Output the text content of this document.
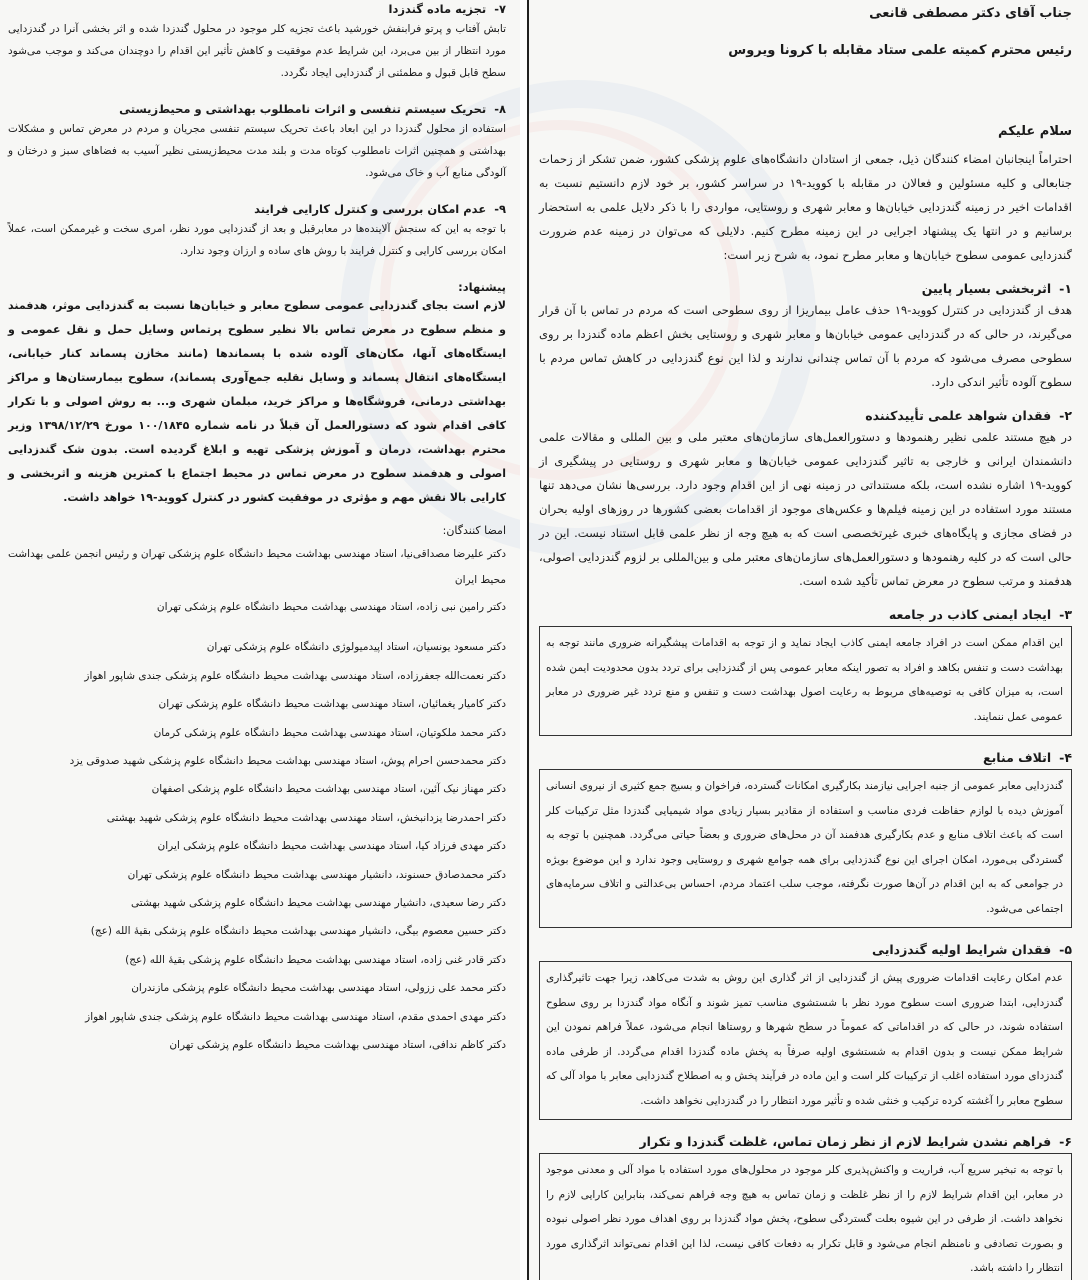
جناب آقای دکتر مصطفی قانعی
رئیس محترم کمیته علمی ستاد مقابله با کرونا ویروس
سلام علیکم

احتراماً اینجانبان امضاء کنندگان ذیل، جمعی از استادان دانشگاه‌های علوم پزشکی کشور، ضمن تشکر از زحمات جنابعالی و کلیه مسئولین و فعالان در مقابله با کووید-۱۹ در سراسر کشور، بر خود لازم دانستیم نسبت به اقدامات اخیر در زمینه گندزدایی خیابان‌ها و معابر شهری و روستایی، مواردی را با ذکر دلایل علمی به استحضار برسانیم و در انتها یک پیشنهاد اجرایی در این زمینه مطرح کنیم. دلایلی که می‌توان در زمینه عدم ضرورت گندزدایی عمومی سطوح خیابان‌ها و معابر مطرح نمود، به شرح زیر است:

۱-اثربخشی بسیار پایین

هدف از گندزدایی در کنترل کووید-۱۹ حذف عامل بیماریزا از روی سطوحی است که مردم در تماس با آن قرار می‌گیرند، در حالی که در گندزدایی عمومی خیابان‌ها و معابر شهری و روستایی بخش اعظم ماده گندزدا بر روی سطوحی مصرف می‌شود که مردم با آن تماس چندانی ندارند و لذا این نوع گندزدایی در کاهش تماس مردم با سطوح آلوده تأثیر اندکی دارد.

۲-فقدان شواهد علمی تأییدکننده

در هیچ مستند علمی نظیر رهنمودها و دستورالعمل‌های سازمان‌های معتبر ملی و بین المللی و مقالات علمی دانشمندان ایرانی و خارجی به تاثیر گندزدایی عمومی خیابان‌ها و معابر شهری و روستایی در پیشگیری از کووید-۱۹ اشاره نشده است، بلکه مستنداتی در زمینه نهی از این اقدام وجود دارد. بررسی‌ها نشان می‌دهد تنها مستند مورد استفاده در این زمینه فیلم‌ها و عکس‌های موجود از اقدامات بعضی کشورها در روزهای اولیه بحران در فضای مجازی و پایگاه‌های خبری غیرتخصصی است که به هیچ وجه از نظر علمی قابل استناد نیست. این در حالی است که در کلیه رهنمودها و دستورالعمل‌های سازمان‌های معتبر ملی و بین‌المللی بر لزوم گندزدایی اصولی، هدفمند و مرتب سطوح در معرض تماس تأکید شده است.

۳-ایجاد ایمنی کاذب در جامعه

این اقدام ممکن است در افراد جامعه ایمنی کاذب ایجاد نماید و از توجه به اقدامات پیشگیرانه ضروری مانند توجه به بهداشت دست و تنفس بکاهد و افراد به تصور اینکه معابر عمومی پس از گندزدایی برای تردد بدون محدودیت ایمن شده است، به میزان کافی به توصیه‌های مربوط به رعایت اصول بهداشت دست و تنفس و منع تردد غیر ضروری در معابر عمومی عمل ننمایند.

۴-اتلاف منابع

گندزدایی معابر عمومی از جنبه اجرایی نیازمند بکارگیری امکانات گسترده، فراخوان و بسیج جمع کثیری از نیروی انسانی آموزش دیده با لوازم حفاظت فردی مناسب و استفاده از مقادیر بسیار زیادی مواد شیمیایی گندزدا مثل ترکیبات کلر است که باعث اتلاف منابع و عدم بکارگیری هدفمند آن در محل‌های ضروری و بعضاً حیاتی می‌گردد. همچنین با توجه به گستردگی بی‌مورد، امکان اجرای این نوع گندزدایی برای همه جوامع شهری و روستایی وجود ندارد و این موضوع بویژه در جوامعی که به این اقدام در آن‌ها صورت نگرفته، موجب سلب اعتماد مردم، احساس بی‌عدالتی و اتلاف سرمایه‌های اجتماعی می‌شود.

۵-فقدان شرایط اولیه گندزدایی

عدم امکان رعایت اقدامات ضروری پیش از گندزدایی از اثر گذاری این روش به شدت می‌کاهد، زیرا جهت تاثیرگذاری گندزدایی، ابتدا ضروری است سطوح مورد نظر با شستشوی مناسب تمیز شوند و آنگاه مواد گندزدا بر روی سطوح استفاده شوند، در حالی که در اقداماتی که عموماً در سطح شهرها و روستاها انجام می‌شود، عملاً فراهم نمودن این شرایط ممکن نیست و بدون اقدام به شستشوی اولیه صرفاً به پخش ماده گندزدا اقدام می‌گردد. از طرفی ماده گندزدای مورد استفاده اغلب از ترکیبات کلر است و این ماده در فرآیند پخش و به اصطلاح گندزدایی معابر با مواد آلی که سطوح معابر را آغشته کرده ترکیب و خنثی شده و تأثیر مورد انتظار را در گندزدایی نخواهد داشت.

۶-فراهم نشدن شرایط لازم از نظر زمان تماس، غلظت گندزدا و تکرار

با توجه به تبخیر سریع آب، فراریت و واکنش‌پذیری کلر موجود در محلول‌های مورد استفاده با مواد آلی و معدنی موجود در معابر، این اقدام شرایط لازم را از نظر غلظت و زمان تماس به هیچ وجه فراهم نمی‌کند، بنابراین کارایی لازم را نخواهد داشت. از طرفی در این شیوه بعلت گستردگی سطوح، پخش مواد گندزدا بر روی اهداف مورد نظر اصولی نبوده و بصورت تصادفی و نامنظم انجام می‌شود و قابل تکرار به دفعات کافی نیست، لذا این اقدام نمی‌تواند اثرگذاری مورد انتظار را داشته باشد.

۷-تجزیه ماده گندزدا

تابش آفتاب و پرتو فرابنفش خورشید باعث تجزیه کلر موجود در محلول گندزدا شده و اثر بخشی آنرا در گندزدایی مورد انتظار از بین می‌برد، این شرایط عدم موفقیت و کاهش تأثیر این اقدام را دوچندان می‌کند و موجب می‌شود سطح قابل قبول و مطمئنی از گندزدایی ایجاد نگردد.

۸-تحریک سیستم تنفسی و اثرات نامطلوب بهداشتی و محیط‌زیستی

استفاده از محلول گندزدا در این ابعاد باعث تحریک سیستم تنفسی مجریان و مردم در معرض تماس و مشکلات بهداشتی و همچنین اثرات نامطلوب کوتاه مدت و بلند مدت محیط‌زیستی نظیر آسیب به فضاهای سبز و درختان و آلودگی منابع آب و خاک می‌شود.

۹-عدم امکان بررسی و کنترل کارایی فرایند

با توجه به این که سنجش آلاینده‌ها در معابرقبل و بعد از گندزدایی مورد نظر، امری سخت و غیرممکن است، عملاً امکان بررسی کارایی و کنترل فرایند با روش های ساده و ارزان وجود ندارد.

پیشنهاد:

لازم است بجای گندزدایی عمومی سطوح معابر و خیابان‌ها نسبت به گندزدایی موثر، هدفمند و منظم سطوح در معرض تماس بالا نظیر سطوح پرتماس وسایل حمل و نقل عمومی و ایستگاه‌های آنها، مکان‌های آلوده شده با پسماندها (مانند مخازن پسماند کنار خیابانی، ایستگاه‌های انتقال پسماند و وسایل نقلیه جمع‌آوری پسماند)، سطوح بیمارستان‌ها و مراکز بهداشتی درمانی، فروشگاه‌ها و مراکز خرید، مبلمان شهری و... به روش اصولی و با تکرار کافی اقدام شود که دستورالعمل آن قبلاً در نامه شماره ۱۰۰/۱۸۴۵ مورخ ۱۳۹۸/۱۲/۲۹ وزیر محترم بهداشت، درمان و آموزش پزشکی تهیه و ابلاغ گردیده است. بدون شک گندزدایی اصولی و هدفمند سطوح در معرض تماس در محیط اجتماع با کمترین هزینه و اثربخشی و کارایی بالا نقش مهم و مؤثری در موفقیت کشور در کنترل کووید-۱۹ خواهد داشت.

امضا کنندگان:

دکتر علیرضا مصداقی‌نیا، استاد مهندسی بهداشت محیط دانشگاه علوم پزشکی تهران و رئیس انجمن علمی بهداشت محیط ایران

دکتر رامین نبی زاده، استاد مهندسی بهداشت محیط دانشگاه علوم پزشکی تهران

دکتر مسعود یونسیان، استاد اپیدمیولوژی دانشگاه علوم پزشکی تهران

دکتر نعمت‌الله جعفرزاده، استاد مهندسی بهداشت محیط دانشگاه علوم پزشکی جندی شاپور اهواز

دکتر کامیار یغمائیان، استاد مهندسی بهداشت محیط دانشگاه علوم پزشکی تهران

دکتر محمد ملکوتیان، استاد مهندسی بهداشت محیط دانشگاه علوم پزشکی کرمان

دکتر محمدحسن احرام پوش، استاد مهندسی بهداشت محیط دانشگاه علوم پزشکی شهید صدوقی یزد

دکتر مهناز نیک آئین، استاد مهندسی بهداشت محیط دانشگاه علوم پزشکی اصفهان

دکتر احمدرضا یزدانبخش، استاد مهندسی بهداشت محیط دانشگاه علوم پزشکی شهید بهشتی

دکتر مهدی فرزاد کیا، استاد مهندسی بهداشت محیط دانشگاه علوم پزشکی ایران

دکتر محمدصادق حسنوند، دانشیار مهندسی بهداشت محیط دانشگاه علوم پزشکی تهران

دکتر رضا سعیدی، دانشیار مهندسی بهداشت محیط دانشگاه علوم پزشکی شهید بهشتی

دکتر حسین معصوم بیگی، دانشیار مهندسی بهداشت محیط دانشگاه علوم پزشکی بقیهٔ الله (عج)

دکتر قادر غنی زاده، استاد مهندسی بهداشت محیط دانشگاه علوم پزشکی بقیهٔ الله (عج)

دکتر محمد علی ززولی، استاد مهندسی بهداشت محیط دانشگاه علوم پزشکی مازندران

دکتر مهدی احمدی مقدم، استاد مهندسی بهداشت محیط دانشگاه علوم پزشکی جندی شاپور اهواز

دکتر کاظم ندافی، استاد مهندسی بهداشت محیط دانشگاه علوم پزشکی تهران
